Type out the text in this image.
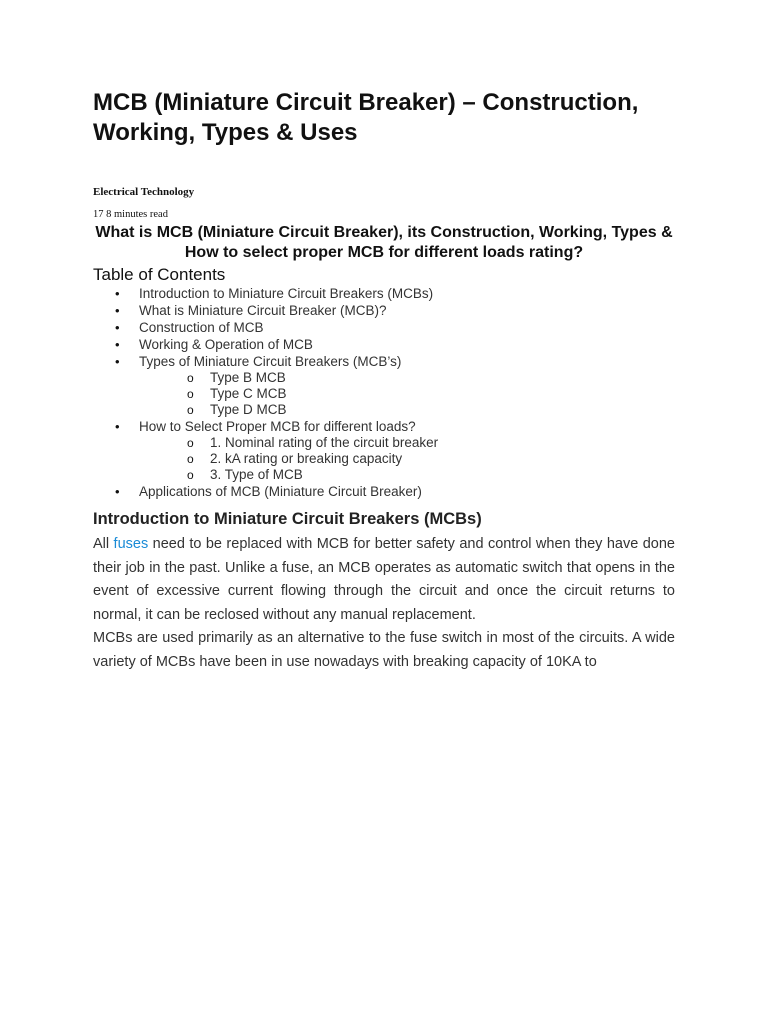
MCB (Miniature Circuit Breaker) – Construction, Working, Types & Uses
Electrical Technology
17 8 minutes read
What is MCB (Miniature Circuit Breaker), its Construction, Working, Types & How to select proper MCB for different loads rating?
Table of Contents
• Introduction to Miniature Circuit Breakers (MCBs)
• What is Miniature Circuit Breaker (MCB)?
• Construction of MCB
• Working & Operation of MCB
• Types of Miniature Circuit Breakers (MCB’s)
o Type B MCB
o Type C MCB
o Type D MCB
• How to Select Proper MCB for different loads?
o 1. Nominal rating of the circuit breaker
o 2. kA rating or breaking capacity
o 3. Type of MCB
• Applications of MCB (Miniature Circuit Breaker)
Introduction to Miniature Circuit Breakers (MCBs)

All fuses need to be replaced with MCB for better safety and control when they have done their job in the past. Unlike a fuse, an MCB operates as automatic switch that opens in the event of excessive current flowing through the circuit and once the circuit returns to normal, it can be reclosed without any manual replacement.

MCBs are used primarily as an alternative to the fuse switch in most of the circuits. A wide variety of MCBs have been in use nowadays with breaking capacity of 10KA to
